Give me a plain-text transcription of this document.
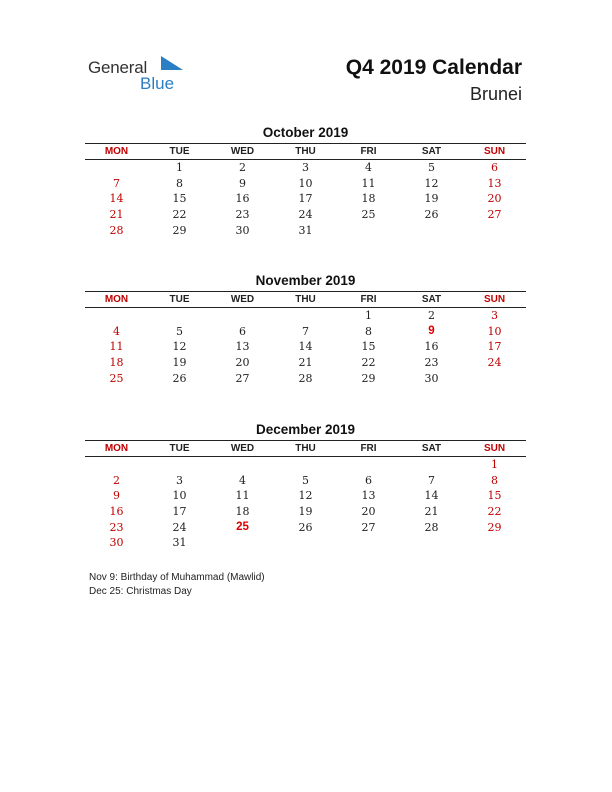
General
Blue
Q4 2019 Calendar
Brunei
October 2019
MON	TUE	WED	THU	FRI	SAT	SUN
	1	2	3	4	5	6
7	8	9	10	11	12	13
14	15	16	17	18	19	20
21	22	23	24	25	26	27
28	29	30	31			
November 2019
MON	TUE	WED	THU	FRI	SAT	SUN
				1	2	3
4	5	6	7	8	9	10
11	12	13	14	15	16	17
18	19	20	21	22	23	24
25	26	27	28	29	30	
December 2019
MON	TUE	WED	THU	FRI	SAT	SUN
						1
2	3	4	5	6	7	8
9	10	11	12	13	14	15
16	17	18	19	20	21	22
23	24	25	26	27	28	29
30	31					
Nov 9: Birthday of Muhammad (Mawlid)
Dec 25: Christmas Day
